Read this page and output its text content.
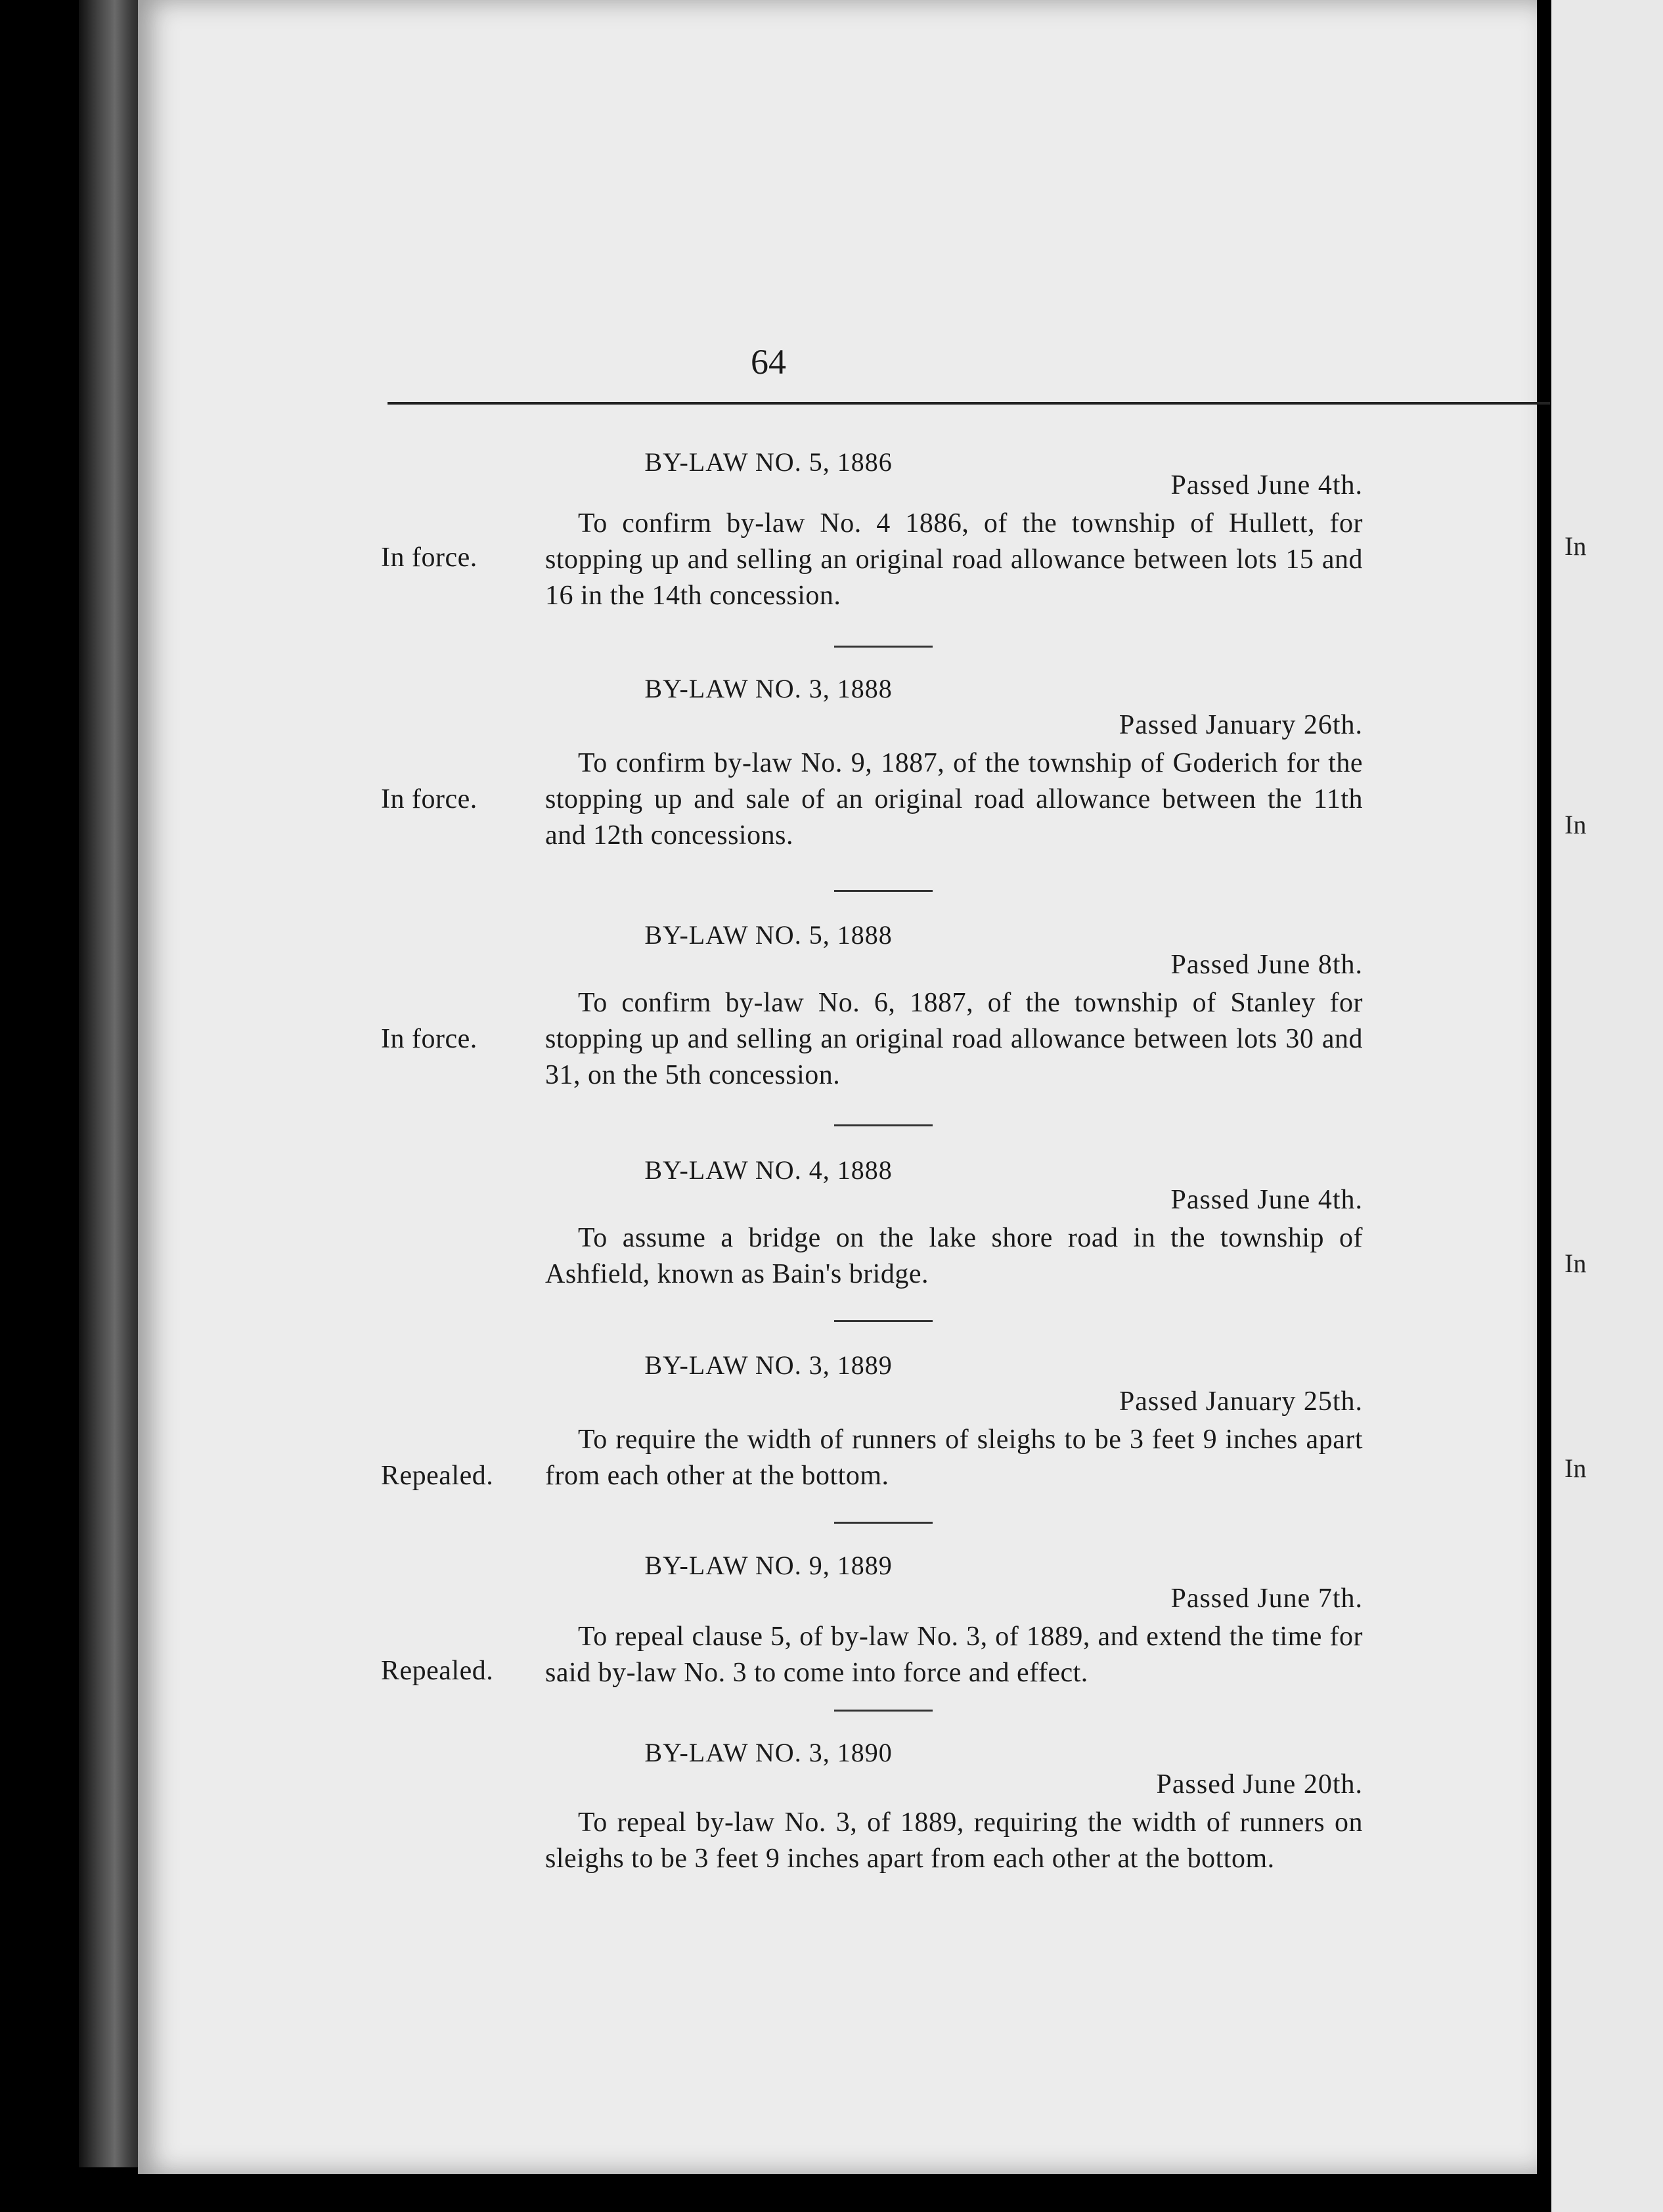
64
BY-LAW NO. 5, 1886
Passed June 4th.

To confirm by-law No. 4 1886, of the township of Hullett, for stopping up and selling an original road allowance between lots 15 and 16 in the 14th concession.

In force.
BY-LAW NO. 3, 1888
Passed January 26th.

To confirm by-law No. 9, 1887, of the township of Goderich for the stopping up and sale of an original road allowance between the 11th and 12th concessions.

In force.
BY-LAW NO. 5, 1888
Passed June 8th.

To confirm by-law No. 6, 1887, of the township of Stanley for stopping up and selling an original road allowance between lots 30 and 31, on the 5th concession.

In force.
BY-LAW NO. 4, 1888
Passed June 4th.

To assume a bridge on the lake shore road in the township of Ashfield, known as Bain's bridge.

BY-LAW NO. 3, 1889
Passed January 25th.

To require the width of runners of sleighs to be 3 feet 9 inches apart from each other at the bottom.

Repealed.
BY-LAW NO. 9, 1889
Passed June 7th.

To repeal clause 5, of by-law No. 3, of 1889, and extend the time for said by-law No. 3 to come into force and effect.

Repealed.
BY-LAW NO. 3, 1890
Passed June 20th.

To repeal by-law No. 3, of 1889, requiring the width of runners on sleighs to be 3 feet 9 inches apart from each other at the bottom.

In
In
In
In
